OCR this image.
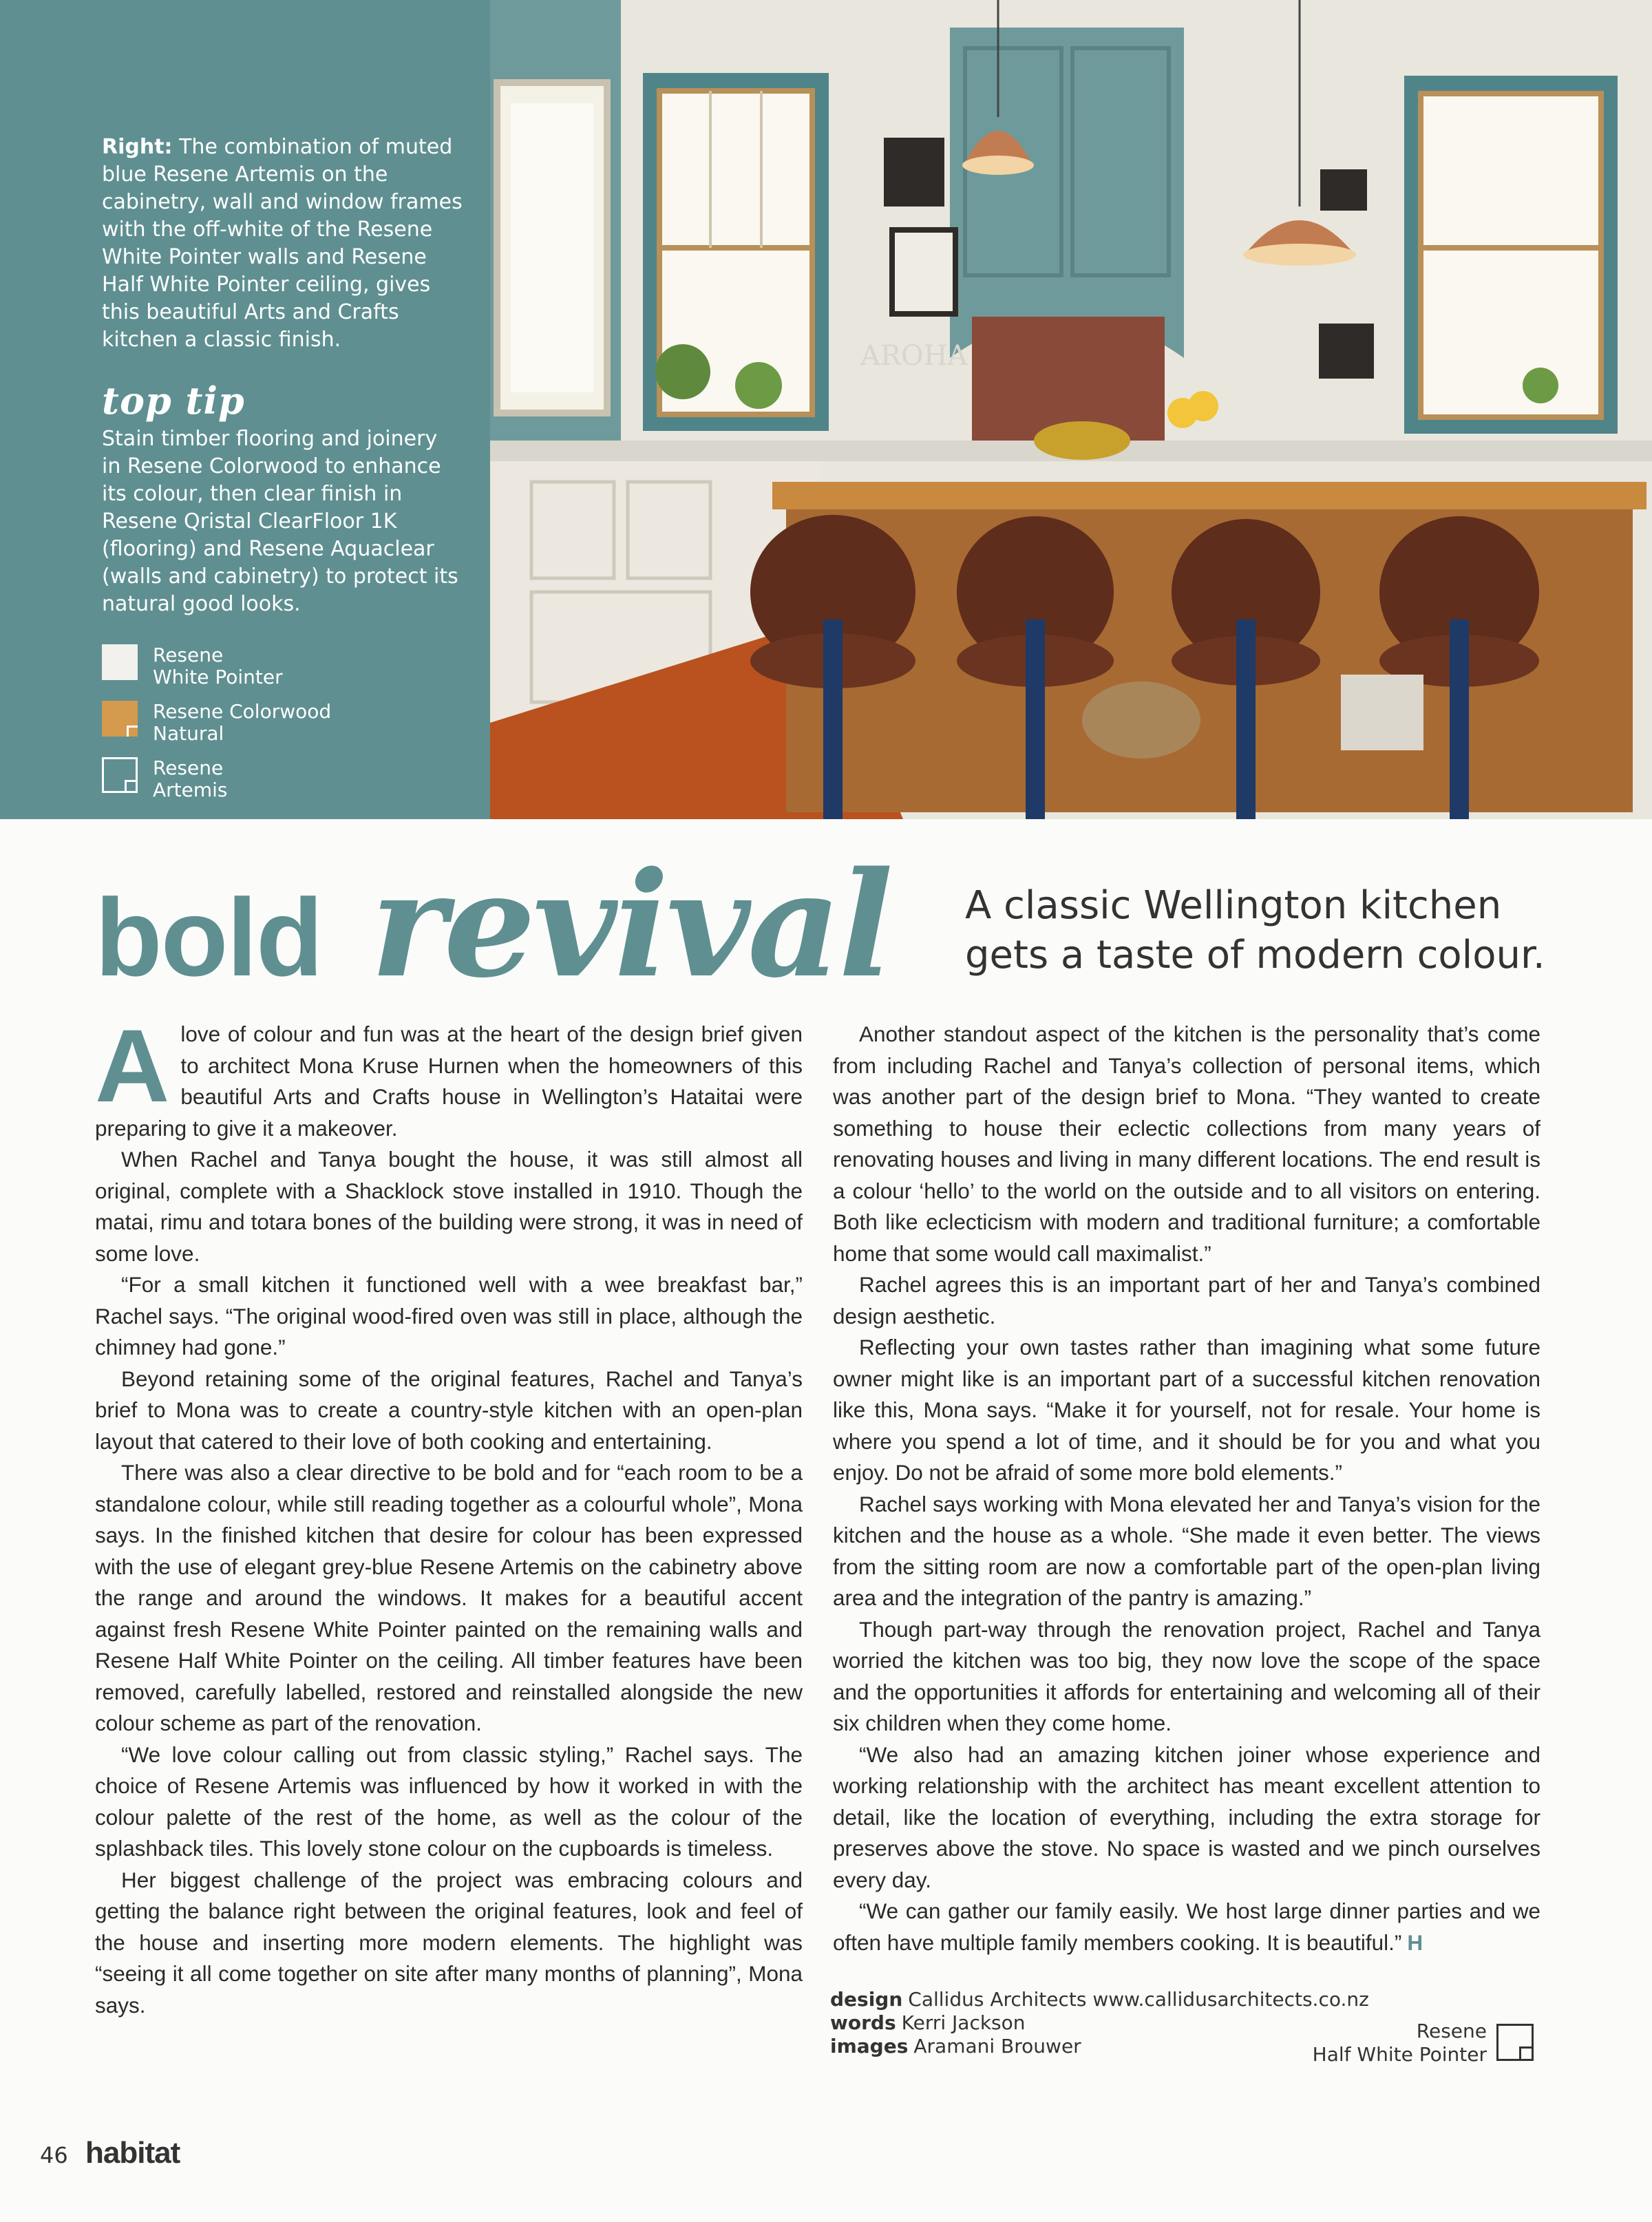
Right: The combination of muted blue Resene Artemis on the cabinetry, wall and window frames with the off-white of the Resene White Pointer walls and Resene Half White Pointer ceiling, gives this beautiful Arts and Crafts kitchen a classic finish.

top tip

Stain timber flooring and joinery in Resene Colorwood to enhance its colour, then clear finish in Resene Qristal ClearFloor 1K (flooring) and Resene Aquaclear (walls and cabinetry) to protect its natural good looks.

Resene
White Pointer
Resene Colorwood
Natural
Resene
Artemis
AROHA
bold revival A classic Wellington kitchen gets a taste of modern colour.

Alove of colour and fun was at the heart of the design brief given to architect Mona Kruse Hurnen when the homeowners of this beautiful Arts and Crafts house in Wellington’s Hataitai were preparing to give it a makeover.

When Rachel and Tanya bought the house, it was still almost all original, complete with a Shacklock stove installed in 1910. Though the matai, rimu and totara bones of the building were strong, it was in need of some love.

“For a small kitchen it functioned well with a wee breakfast bar,” Rachel says. “The original wood-fired oven was still in place, although the chimney had gone.”

Beyond retaining some of the original features, Rachel and Tanya’s brief to Mona was to create a country-style kitchen with an open-plan layout that catered to their love of both cooking and entertaining.

There was also a clear directive to be bold and for “each room to be a standalone colour, while still reading together as a colourful whole”, Mona says. In the finished kitchen that desire for colour has been expressed with the use of elegant grey-blue Resene Artemis on the cabinetry above the range and around the windows. It makes for a beautiful accent against fresh Resene White Pointer painted on the remaining walls and Resene Half White Pointer on the ceiling. All timber features have been removed, carefully labelled, restored and reinstalled alongside the new colour scheme as part of the renovation.

“We love colour calling out from classic styling,” Rachel says. The choice of Resene Artemis was influenced by how it worked in with the colour palette of the rest of the home, as well as the colour of the splashback tiles. This lovely stone colour on the cupboards is timeless.

Her biggest challenge of the project was embracing colours and getting the balance right between the original features, look and feel of the house and inserting more modern elements. The highlight was “seeing it all come together on site after many months of planning”, Mona says.

Another standout aspect of the kitchen is the personality that’s come from including Rachel and Tanya’s collection of personal items, which was another part of the design brief to Mona. “They wanted to create something to house their eclectic collections from many years of renovating houses and living in many different locations. The end result is a colour ‘hello’ to the world on the outside and to all visitors on entering. Both like eclecticism with modern and traditional furniture; a comfortable home that some would call maximalist.”

Rachel agrees this is an important part of her and Tanya’s combined design aesthetic.

Reflecting your own tastes rather than imagining what some future owner might like is an important part of a successful kitchen renovation like this, Mona says. “Make it for yourself, not for resale. Your home is where you spend a lot of time, and it should be for you and what you enjoy. Do not be afraid of some more bold elements.”

Rachel says working with Mona elevated her and Tanya’s vision for the kitchen and the house as a whole. “She made it even better. The views from the sitting room are now a comfortable part of the open-plan living area and the integration of the pantry is amazing.”

Though part-way through the renovation project, Rachel and Tanya worried the kitchen was too big, they now love the scope of the space and the opportunities it affords for entertaining and welcoming all of their six children when they come home.

“We also had an amazing kitchen joiner whose experience and working relationship with the architect has meant excellent attention to detail, like the location of everything, including the extra storage for preserves above the stove. No space is wasted and we pinch ourselves every day.

“We can gather our family easily. We host large dinner parties and we often have multiple family members cooking. It is beautiful.” H

design Callidus Architects www.callidusarchitects.co.nz
words Kerri Jackson
images Aramani Brouwer
Resene
Half White Pointer
46 habitat
